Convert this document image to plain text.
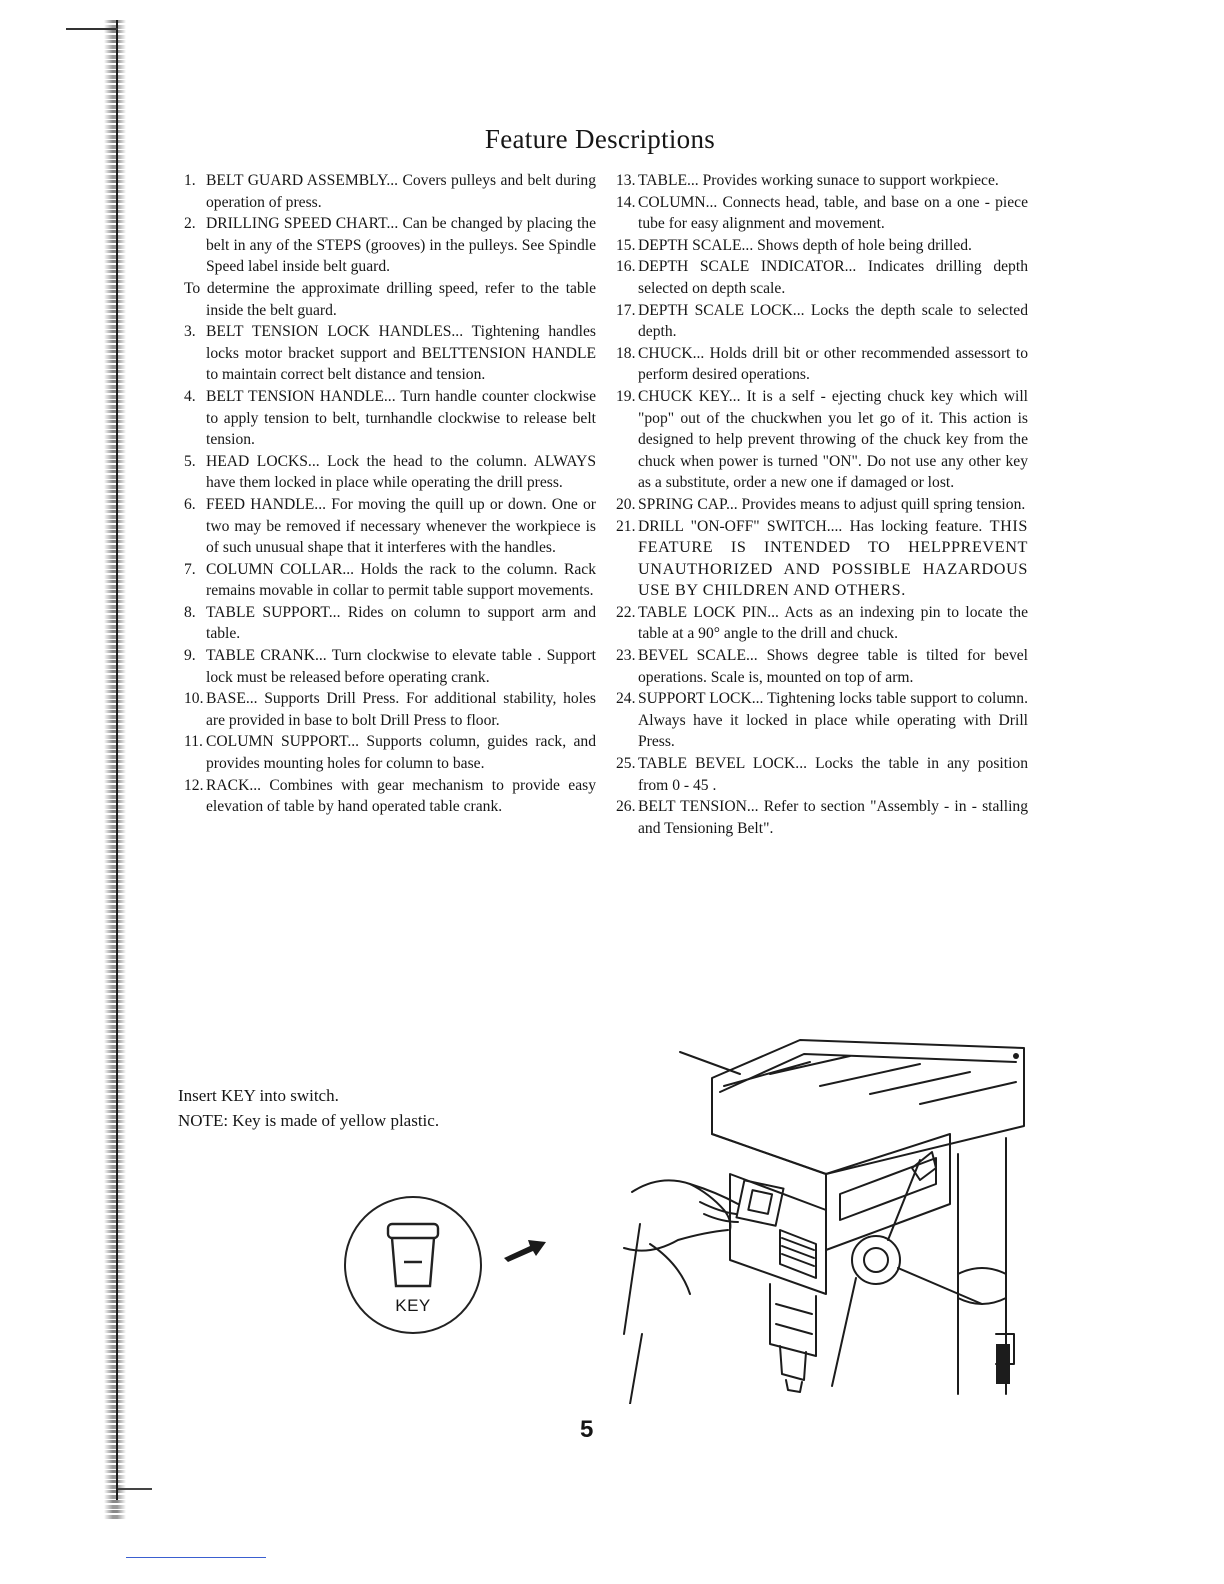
Feature Descriptions
1. BELT GUARD ASSEMBLY... Covers pulleys and belt during operation of press.
2. DRILLING SPEED CHART... Can be changed by placing the belt in any of the STEPS (grooves) in the pulleys. See Spindle Speed label inside belt guard.
To determine the approximate drilling speed, refer to the table inside the belt guard.
3. BELT TENSION LOCK HANDLES... Tightening handles locks motor bracket support and BELTTENSION HANDLE to maintain correct belt distance and tension.
4. BELT TENSION HANDLE... Turn handle counter clockwise to apply tension to belt, turnhandle clockwise to release belt tension.
5. HEAD LOCKS... Lock the head to the column. ALWAYS have them locked in place while operating the drill press.
6. FEED HANDLE... For moving the quill up or down. One or two may be removed if necessary whenever the workpiece is of such unusual shape that it interferes with the handles.
7. COLUMN COLLAR... Holds the rack to the column. Rack remains movable in collar to permit table support movements.
8. TABLE SUPPORT... Rides on column to support arm and table.
9. TABLE CRANK... Turn clockwise to elevate table . Support lock must be released before operating crank.
10. BASE... Supports Drill Press. For additional stability, holes are provided in base to bolt Drill Press to floor.
11. COLUMN SUPPORT... Supports column, guides rack, and provides mounting holes for column to base.
12. RACK... Combines with gear mechanism to provide easy elevation of table by hand operated table crank.
13. TABLE... Provides working sunace to support workpiece.
14. COLUMN... Connects head, table, and base on a one - piece tube for easy alignment and movement.
15. DEPTH SCALE... Shows depth of hole being drilled.
16. DEPTH SCALE INDICATOR... Indicates drilling depth selected on depth scale.
17. DEPTH SCALE LOCK... Locks the depth scale to selected depth.
18. CHUCK... Holds drill bit or other recommended assessort to perform desired operations.
19. CHUCK KEY... It is a self - ejecting chuck key which will "pop" out of the chuckwhen you let go of it. This action is designed to help prevent throwing of the chuck key from the chuck when power is turned "ON". Do not use any other key as a substitute, order a new one if damaged or lost.
20. SPRING CAP... Provides means to adjust quill spring tension.
21. DRILL "ON-OFF" SWITCH.... Has locking feature. THIS FEATURE IS INTENDED TO HELPPREVENT UNAUTHORIZED AND POSSIBLE HAZARDOUS USE BY CHILDREN AND OTHERS.
22. TABLE LOCK PIN... Acts as an indexing pin to locate the table at a 90° angle to the drill and chuck.
23. BEVEL SCALE... Shows degree table is tilted for bevel operations. Scale is, mounted on top of arm.
24. SUPPORT LOCK... Tightening locks table support to column. Always have it locked in place while operating with Drill Press.
25. TABLE BEVEL LOCK... Locks the table in any position from 0 - 45 .
26. BELT TENSION... Refer to section "Assembly - in - stalling and Tensioning Belt".
Insert KEY into switch.
NOTE: Key is made of yellow plastic.
KEY
5
